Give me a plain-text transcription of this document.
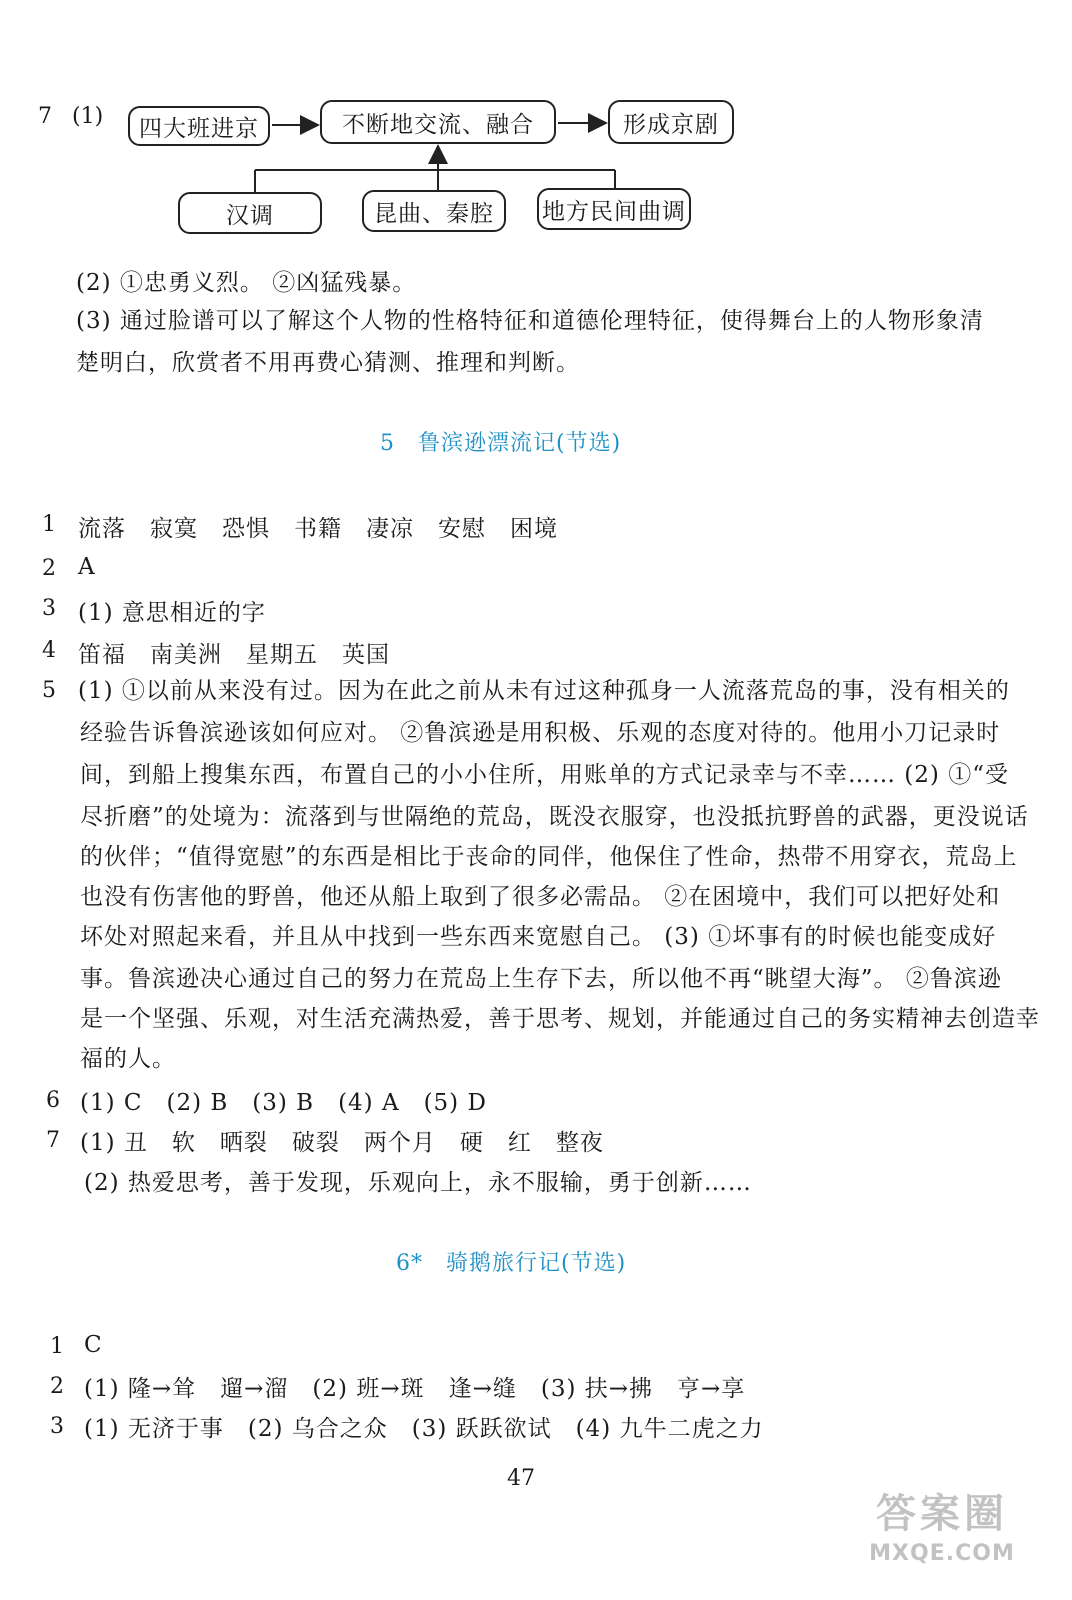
7 (1)	四大班进京	不断地交流、融合	形成京剧
汉调	昆曲、秦腔	地方民间曲调
(2) ①忠勇义烈。 ②凶猛残暴。
(3) 通过脸谱可以了解这个人物的性格特征和道德伦理特征，使得舞台上的人物形象清
楚明白，欣赏者不用再费心猜测、推理和判断。
5　鲁滨逊漂流记(节选)
1 流落　寂寞　恐惧　书籍　凄凉　安慰　困境
2 A
3 (1) 意思相近的字
4 笛福　南美洲　星期五　英国
5 (1) ①以前从来没有过。因为在此之前从未有过这种孤身一人流落荒岛的事，没有相关的
经验告诉鲁滨逊该如何应对。 ②鲁滨逊是用积极、乐观的态度对待的。他用小刀记录时
间，到船上搜集东西，布置自己的小小住所，用账单的方式记录幸与不幸…… (2) ①“受
尽折磨”的处境为：流落到与世隔绝的荒岛，既没衣服穿，也没抵抗野兽的武器，更没说话
的伙伴；“值得宽慰”的东西是相比于丧命的同伴，他保住了性命，热带不用穿衣，荒岛上
也没有伤害他的野兽，他还从船上取到了很多必需品。 ②在困境中，我们可以把好处和
坏处对照起来看，并且从中找到一些东西来宽慰自己。 (3) ①坏事有的时候也能变成好
事。鲁滨逊决心通过自己的努力在荒岛上生存下去，所以他不再“眺望大海”。 ②鲁滨逊
是一个坚强、乐观，对生活充满热爱，善于思考、规划，并能通过自己的务实精神去创造幸
福的人。
6 (1) C　(2) B　(3) B　(4) A　(5) D
7 (1) 丑　软　晒裂　破裂　两个月　硬　红　整夜
(2) 热爱思考，善于发现，乐观向上，永不服输，勇于创新……
6*　骑鹅旅行记(节选)
1 C
2 (1) 隆→耸　遛→溜　(2) 班→斑　逢→缝　(3) 扶→拂　亨→享
3 (1) 无济于事　(2) 乌合之众　(3) 跃跃欲试　(4) 九牛二虎之力
47
答案圈
MXQE.COM
